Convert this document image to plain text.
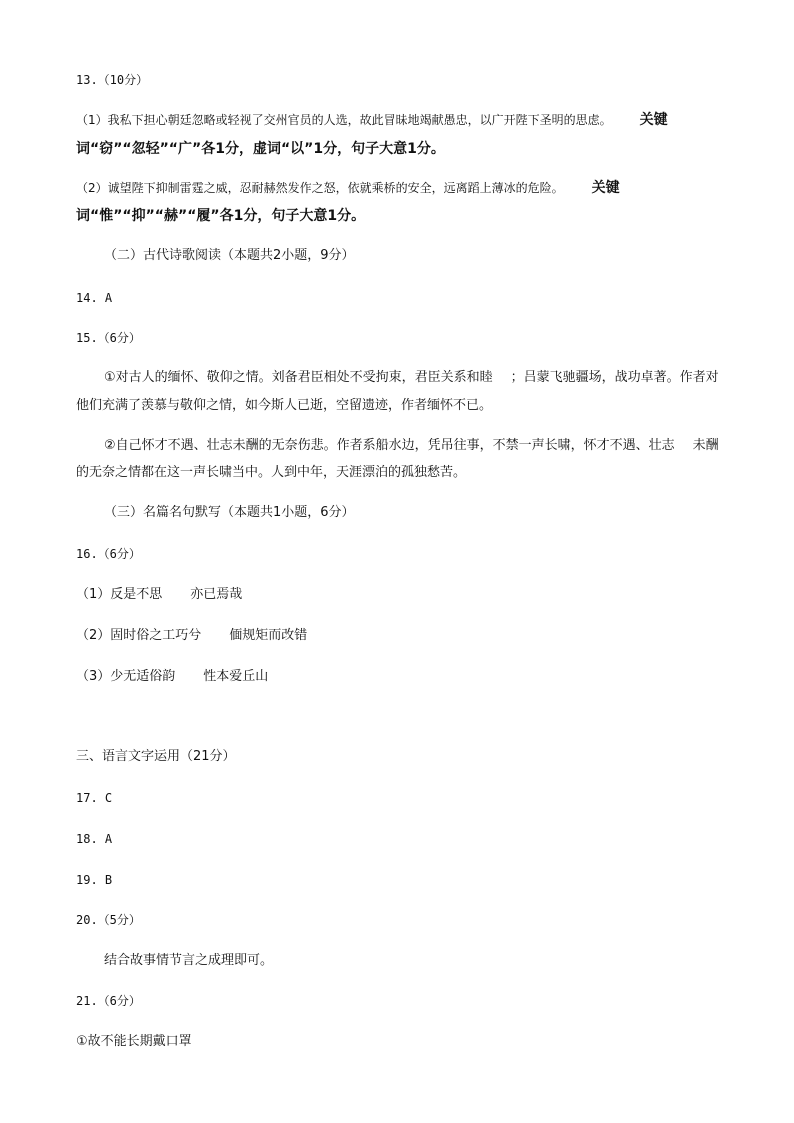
13.（10分）
（1）我私下担心朝廷忽略或轻视了交州官员的人选，故此冒昧地竭献愚忠，以广开陛下圣明的思虑。 关键
词“窃”“忽轻”“广”各1分，虚词“以”1分，句子大意1分。
（2）诚望陛下抑制雷霆之威，忍耐赫然发作之怒，依就乘桥的安全，远离蹈上薄冰的危险。 关键
词“惟”“抑”“赫”“履”各1分，句子大意1分。
（二）古代诗歌阅读（本题共2小题，9分）
14. A
15.（6分）
①对古人的缅怀、敬仰之情。刘备君臣相处不受拘束，君臣关系和睦 ；吕蒙飞驰疆场，战功卓著。作者对
他们充满了羡慕与敬仰之情，如今斯人已逝，空留遗迹，作者缅怀不已。
②自己怀才不遇、壮志未酬的无奈伤悲。作者系船水边，凭吊往事，不禁一声长啸，怀才不遇、壮志 未酬
的无奈之情都在这一声长啸当中。人到中年，天涯漂泊的孤独愁苦。
（三）名篇名句默写（本题共1小题，6分）
16.（6分）
（1）反是不思 亦已焉哉
（2）固时俗之工巧兮 偭规矩而改错
（3）少无适俗韵 性本爱丘山
三、语言文字运用（21分）
17. C
18. A
19. B
20.（5分）
结合故事情节言之成理即可。
21.（6分）
①故不能长期戴口罩
